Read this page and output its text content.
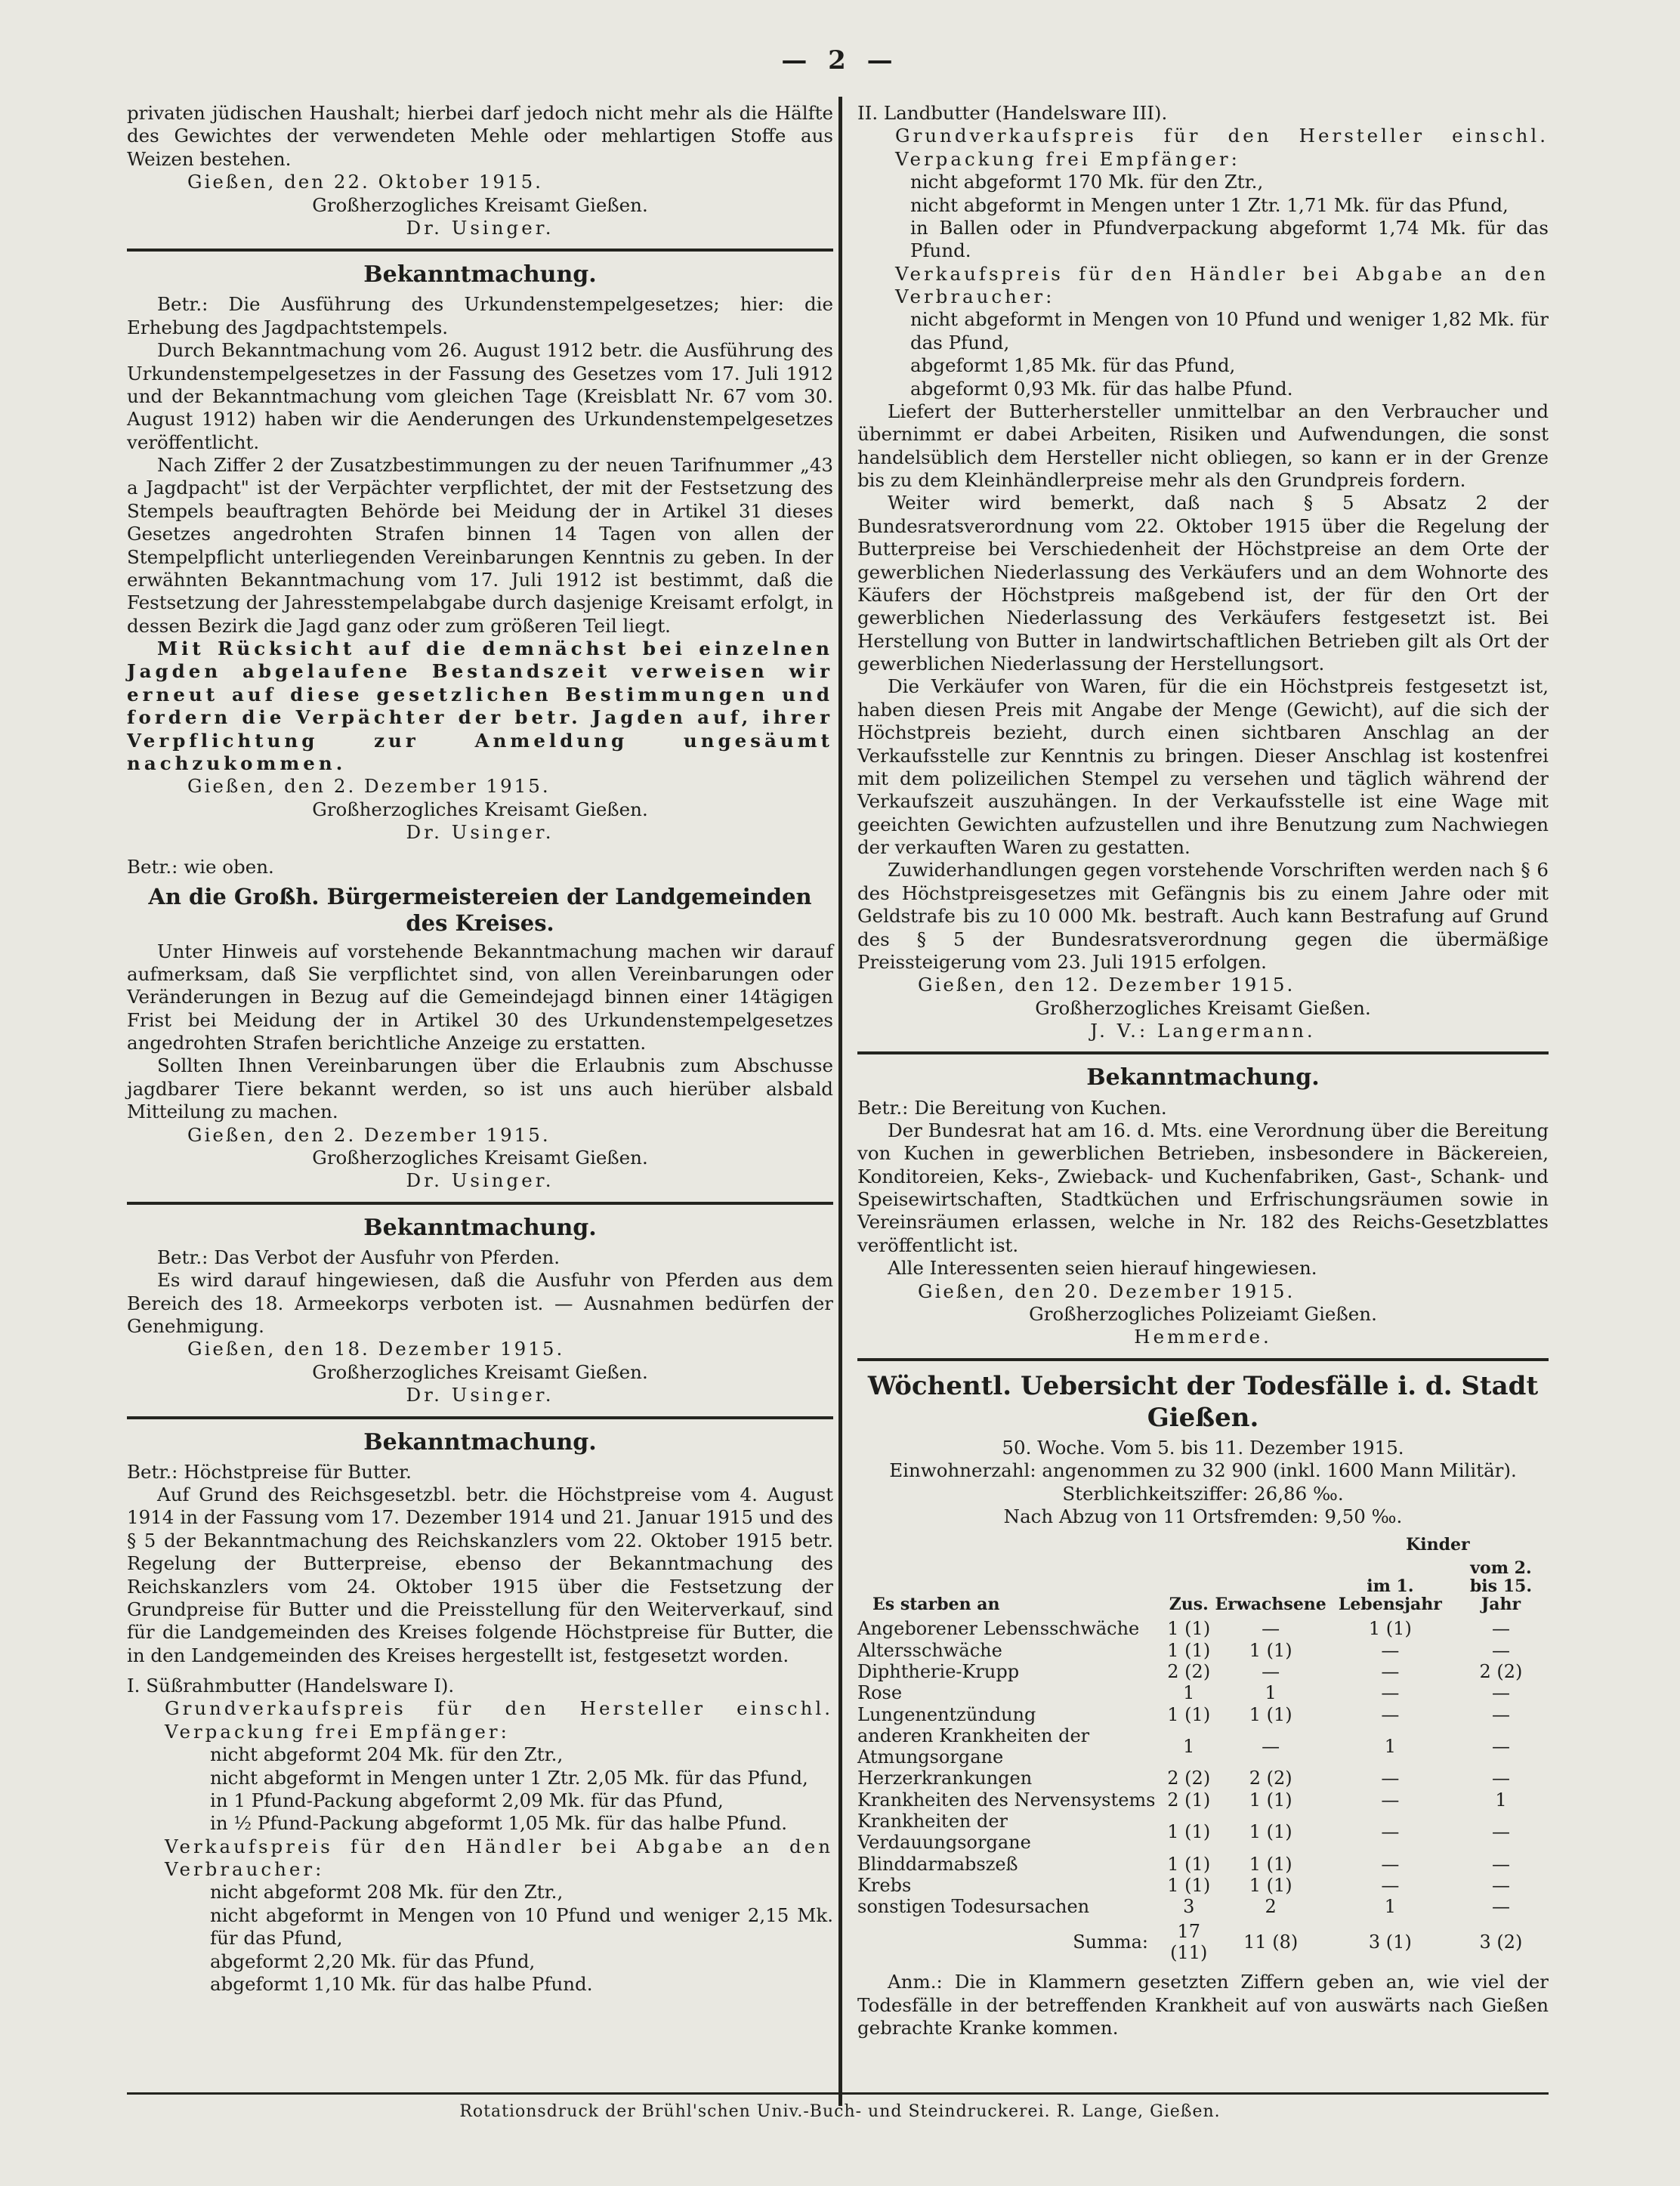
— 2 —

privaten jüdischen Haushalt; hierbei darf jedoch nicht mehr als die Hälfte des Gewichtes der verwendeten Mehle oder mehlartigen Stoffe aus Weizen bestehen.

Gießen, den 22. Oktober 1915.
Großherzogliches Kreisamt Gießen.
Dr. Usinger.
Bekanntmachung.

Betr.: Die Ausführung des Urkundenstempelgesetzes; hier: die Erhebung des Jagdpachtstempels.

Durch Bekanntmachung vom 26. August 1912 betr. die Ausführung des Urkundenstempelgesetzes in der Fassung des Gesetzes vom 17. Juli 1912 und der Bekanntmachung vom gleichen Tage (Kreisblatt Nr. 67 vom 30. August 1912) haben wir die Aenderungen des Urkundenstempelgesetzes veröffentlicht.

Nach Ziffer 2 der Zusatzbestimmungen zu der neuen Tarifnummer „43 a Jagdpacht" ist der Verpächter verpflichtet, der mit der Festsetzung des Stempels beauftragten Behörde bei Meidung der in Artikel 31 dieses Gesetzes angedrohten Strafen binnen 14 Tagen von allen der Stempelpflicht unterliegenden Vereinbarungen Kenntnis zu geben. In der erwähnten Bekanntmachung vom 17. Juli 1912 ist bestimmt, daß die Festsetzung der Jahresstempelabgabe durch dasjenige Kreisamt erfolgt, in dessen Bezirk die Jagd ganz oder zum größeren Teil liegt.

Mit Rücksicht auf die demnächst bei einzelnen Jagden abgelaufene Bestandszeit verweisen wir erneut auf diese gesetzlichen Bestimmungen und fordern die Verpächter der betr. Jagden auf, ihrer Verpflichtung zur Anmeldung ungesäumt nachzukommen.

Gießen, den 2. Dezember 1915.
Großherzogliches Kreisamt Gießen.
Dr. Usinger.

Betr.: wie oben.

An die Großh. Bürgermeistereien der Landgemeinden des Kreises.

Unter Hinweis auf vorstehende Bekanntmachung machen wir darauf aufmerksam, daß Sie verpflichtet sind, von allen Vereinbarungen oder Veränderungen in Bezug auf die Gemeindejagd binnen einer 14tägigen Frist bei Meidung der in Artikel 30 des Urkundenstempelgesetzes angedrohten Strafen berichtliche Anzeige zu erstatten.

Sollten Ihnen Vereinbarungen über die Erlaubnis zum Abschusse jagdbarer Tiere bekannt werden, so ist uns auch hierüber alsbald Mitteilung zu machen.

Gießen, den 2. Dezember 1915.
Großherzogliches Kreisamt Gießen.
Dr. Usinger.
Bekanntmachung.

Betr.: Das Verbot der Ausfuhr von Pferden.

Es wird darauf hingewiesen, daß die Ausfuhr von Pferden aus dem Bereich des 18. Armeekorps verboten ist. — Ausnahmen bedürfen der Genehmigung.

Gießen, den 18. Dezember 1915.
Großherzogliches Kreisamt Gießen.
Dr. Usinger.
Bekanntmachung.

Betr.: Höchstpreise für Butter.

Auf Grund des Reichsgesetzbl. betr. die Höchstpreise vom 4. August 1914 in der Fassung vom 17. Dezember 1914 und 21. Januar 1915 und des § 5 der Bekanntmachung des Reichskanzlers vom 22. Oktober 1915 betr. Regelung der Butterpreise, ebenso der Bekanntmachung des Reichskanzlers vom 24. Oktober 1915 über die Festsetzung der Grundpreise für Butter und die Preisstellung für den Weiterverkauf, sind für die Landgemeinden des Kreises folgende Höchstpreise für Butter, die in den Landgemeinden des Kreises hergestellt ist, festgesetzt worden.

I. Süßrahmbutter (Handelsware I).

Grundverkaufspreis für den Hersteller einschl. Verpackung frei Empfänger:

nicht abgeformt 204 Mk. für den Ztr.,

nicht abgeformt in Mengen unter 1 Ztr. 2,05 Mk. für das Pfund,

in 1 Pfund-Packung abgeformt 2,09 Mk. für das Pfund,

in ½ Pfund-Packung abgeformt 1,05 Mk. für das halbe Pfund.

Verkaufspreis für den Händler bei Abgabe an den Verbraucher:

nicht abgeformt 208 Mk. für den Ztr.,

nicht abgeformt in Mengen von 10 Pfund und weniger 2,15 Mk. für das Pfund,

abgeformt 2,20 Mk. für das Pfund,

abgeformt 1,10 Mk. für das halbe Pfund.

II. Landbutter (Handelsware III).

Grundverkaufspreis für den Hersteller einschl. Verpackung frei Empfänger:

nicht abgeformt 170 Mk. für den Ztr.,

nicht abgeformt in Mengen unter 1 Ztr. 1,71 Mk. für das Pfund,

in Ballen oder in Pfundverpackung abgeformt 1,74 Mk. für das Pfund.

Verkaufspreis für den Händler bei Abgabe an den Verbraucher:

nicht abgeformt in Mengen von 10 Pfund und weniger 1,82 Mk. für das Pfund,

abgeformt 1,85 Mk. für das Pfund,

abgeformt 0,93 Mk. für das halbe Pfund.

Liefert der Butterhersteller unmittelbar an den Verbraucher und übernimmt er dabei Arbeiten, Risiken und Aufwendungen, die sonst handelsüblich dem Hersteller nicht obliegen, so kann er in der Grenze bis zu dem Kleinhändlerpreise mehr als den Grundpreis fordern.

Weiter wird bemerkt, daß nach § 5 Absatz 2 der Bundesratsverordnung vom 22. Oktober 1915 über die Regelung der Butterpreise bei Verschiedenheit der Höchstpreise an dem Orte der gewerblichen Niederlassung des Verkäufers und an dem Wohnorte des Käufers der Höchstpreis maßgebend ist, der für den Ort der gewerblichen Niederlassung des Verkäufers festgesetzt ist. Bei Herstellung von Butter in landwirtschaftlichen Betrieben gilt als Ort der gewerblichen Niederlassung der Herstellungsort.

Die Verkäufer von Waren, für die ein Höchstpreis festgesetzt ist, haben diesen Preis mit Angabe der Menge (Gewicht), auf die sich der Höchstpreis bezieht, durch einen sichtbaren Anschlag an der Verkaufsstelle zur Kenntnis zu bringen. Dieser Anschlag ist kostenfrei mit dem polizeilichen Stempel zu versehen und täglich während der Verkaufszeit auszuhängen. In der Verkaufsstelle ist eine Wage mit geeichten Gewichten aufzustellen und ihre Benutzung zum Nachwiegen der verkauften Waren zu gestatten.

Zuwiderhandlungen gegen vorstehende Vorschriften werden nach § 6 des Höchstpreisgesetzes mit Gefängnis bis zu einem Jahre oder mit Geldstrafe bis zu 10 000 Mk. bestraft. Auch kann Bestrafung auf Grund des § 5 der Bundesratsverordnung gegen die übermäßige Preissteigerung vom 23. Juli 1915 erfolgen.

Gießen, den 12. Dezember 1915.
Großherzogliches Kreisamt Gießen.
J. V.: Langermann.
Bekanntmachung.

Betr.: Die Bereitung von Kuchen.

Der Bundesrat hat am 16. d. Mts. eine Verordnung über die Bereitung von Kuchen in gewerblichen Betrieben, insbesondere in Bäckereien, Konditoreien, Keks-, Zwieback- und Kuchenfabriken, Gast-, Schank- und Speisewirtschaften, Stadtküchen und Erfrischungsräumen sowie in Vereinsräumen erlassen, welche in Nr. 182 des Reichs-Gesetzblattes veröffentlicht ist.

Alle Interessenten seien hierauf hingewiesen.

Gießen, den 20. Dezember 1915.
Großherzogliches Polizeiamt Gießen.
Hemmerde.
Wöchentl. Uebersicht der Todesfälle i. d. Stadt Gießen.
50. Woche. Vom 5. bis 11. Dezember 1915.
Einwohnerzahl: angenommen zu 32 900 (inkl. 1600 Mann Militär).
Sterblichkeitsziffer: 26,86 ‰.
Nach Abzug von 11 Ortsfremden: 9,50 ‰.
Es starben an	Zus.	Erwachsene	Kinder	
			im 1. Lebensjahr	vom 2. bis 15. Jahr
Angeborener Lebensschwäche	1 (1)	—	1 (1)	—
Altersschwäche	1 (1)	1 (1)	—	—
Diphtherie-Krupp	2 (2)	—	—	2 (2)
Rose	1	1	—	—
Lungenentzündung	1 (1)	1 (1)	—	—
anderen Krankheiten der Atmungsorgane	1	—	1	—
Herzerkrankungen	2 (2)	2 (2)	—	—
Krankheiten des Nervensystems	2 (1)	1 (1)	—	1
Krankheiten der Verdauungsorgane	1 (1)	1 (1)	—	—
Blinddarmabszeß	1 (1)	1 (1)	—	—
Krebs	1 (1)	1 (1)	—	—
sonstigen Todesursachen	3	2	1	—
Summa:	17 (11)	11 (8)	3 (1)	3 (2)

Anm.: Die in Klammern gesetzten Ziffern geben an, wie viel der Todesfälle in der betreffenden Krankheit auf von auswärts nach Gießen gebrachte Kranke kommen.

Rotationsdruck der Brühl'schen Univ.-Buch- und Steindruckerei. R. Lange, Gießen.
